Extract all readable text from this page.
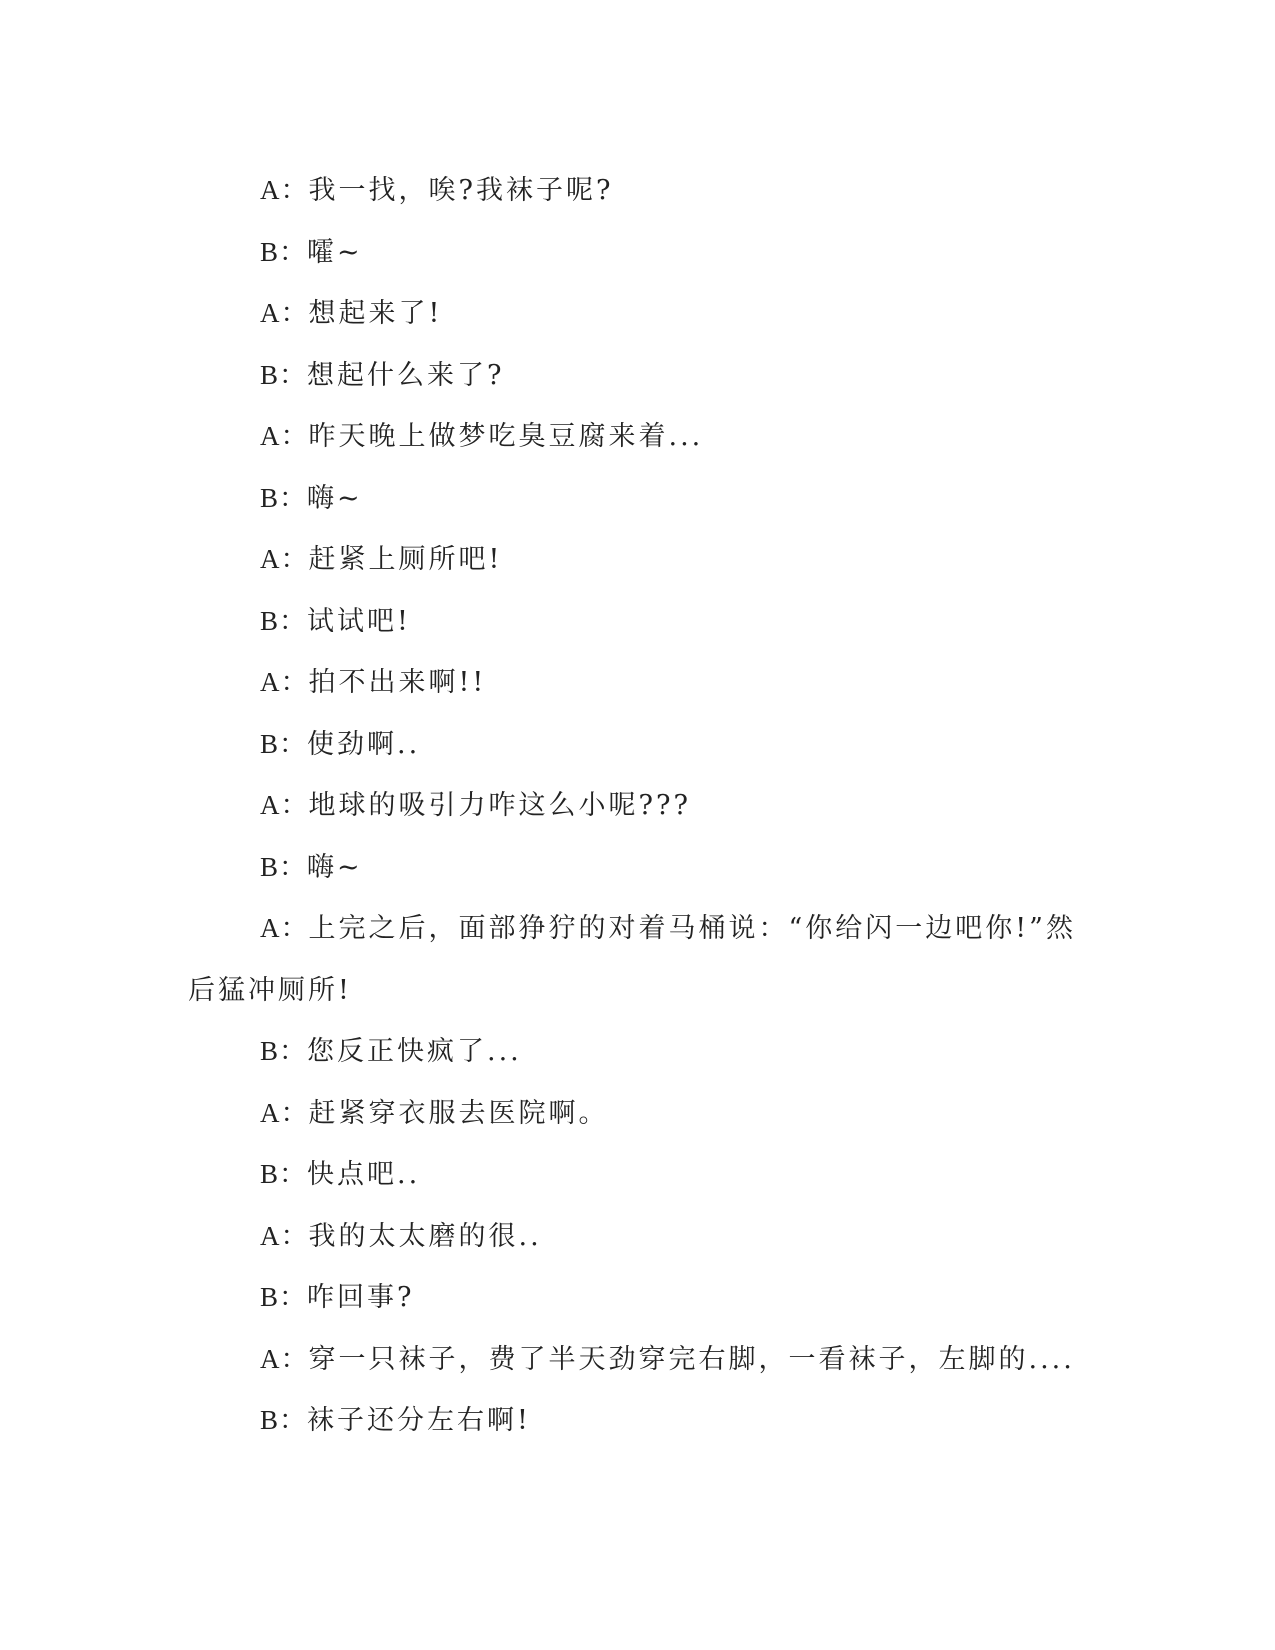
A：我一找，唉?我袜子呢?

B：嚯~

A：想起来了!

B：想起什么来了?

A：昨天晚上做梦吃臭豆腐来着...

B：嗨~

A：赶紧上厕所吧!

B：试试吧!

A：拍不出来啊!!

B：使劲啊..

A：地球的吸引力咋这么小呢???

B：嗨~

A：上完之后，面部狰狞的对着马桶说：“你给闪一边吧你!”然后猛冲厕所!

B：您反正快疯了...

A：赶紧穿衣服去医院啊。

B：快点吧..

A：我的太太磨的很..

B：咋回事?

A：穿一只袜子，费了半天劲穿完右脚，一看袜子，左脚的....

B：袜子还分左右啊!
